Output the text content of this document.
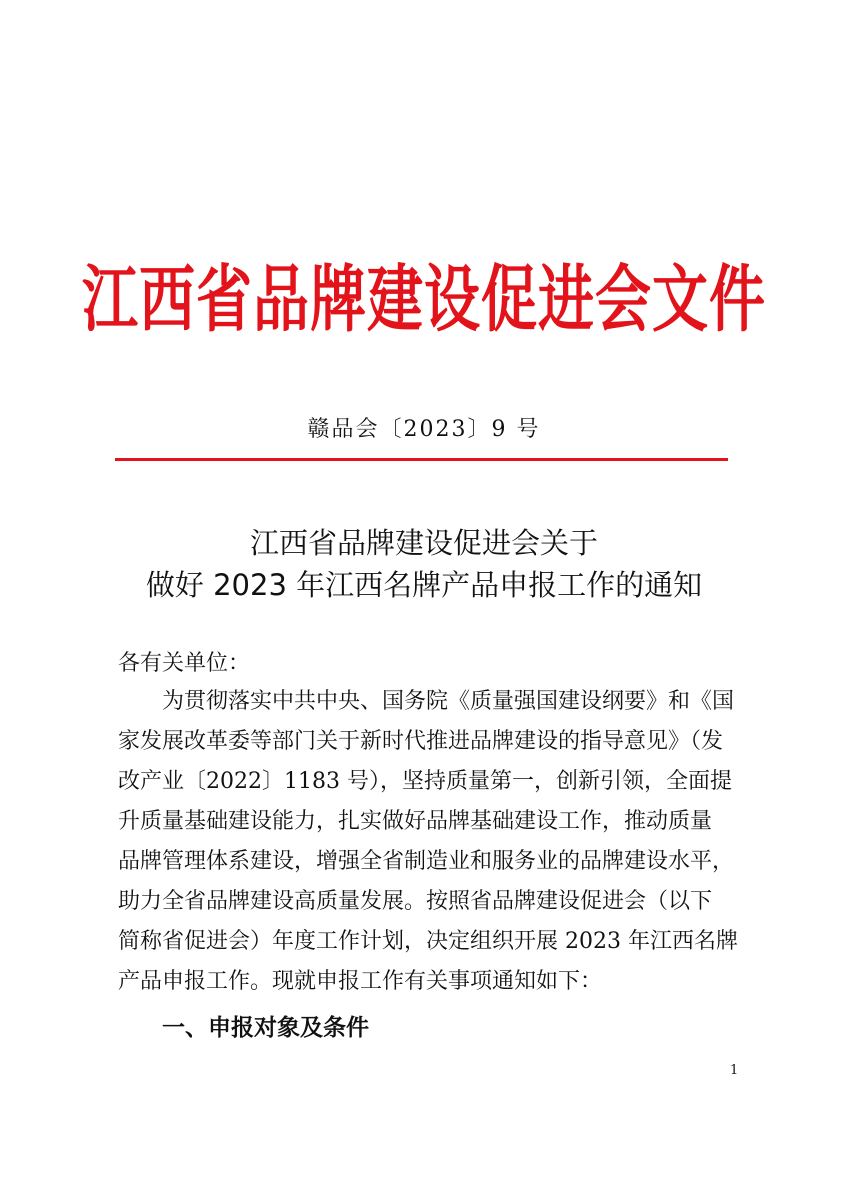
江西省品牌建设促进会文件
赣品会〔2023〕9 号
江西省品牌建设促进会关于
做好 2023 年江西名牌产品申报工作的通知
各有关单位：
为贯彻落实中共中央、国务院《质量强国建设纲要》和《国
家发展改革委等部门关于新时代推进品牌建设的指导意见》（发
改产业〔2022〕1183 号），坚持质量第一，创新引领，全面提
升质量基础建设能力，扎实做好品牌基础建设工作，推动质量
品牌管理体系建设，增强全省制造业和服务业的品牌建设水平，
助力全省品牌建设高质量发展。按照省品牌建设促进会（以下
简称省促进会）年度工作计划，决定组织开展 2023 年江西名牌
产品申报工作。现就申报工作有关事项通知如下：
一、申报对象及条件
1
